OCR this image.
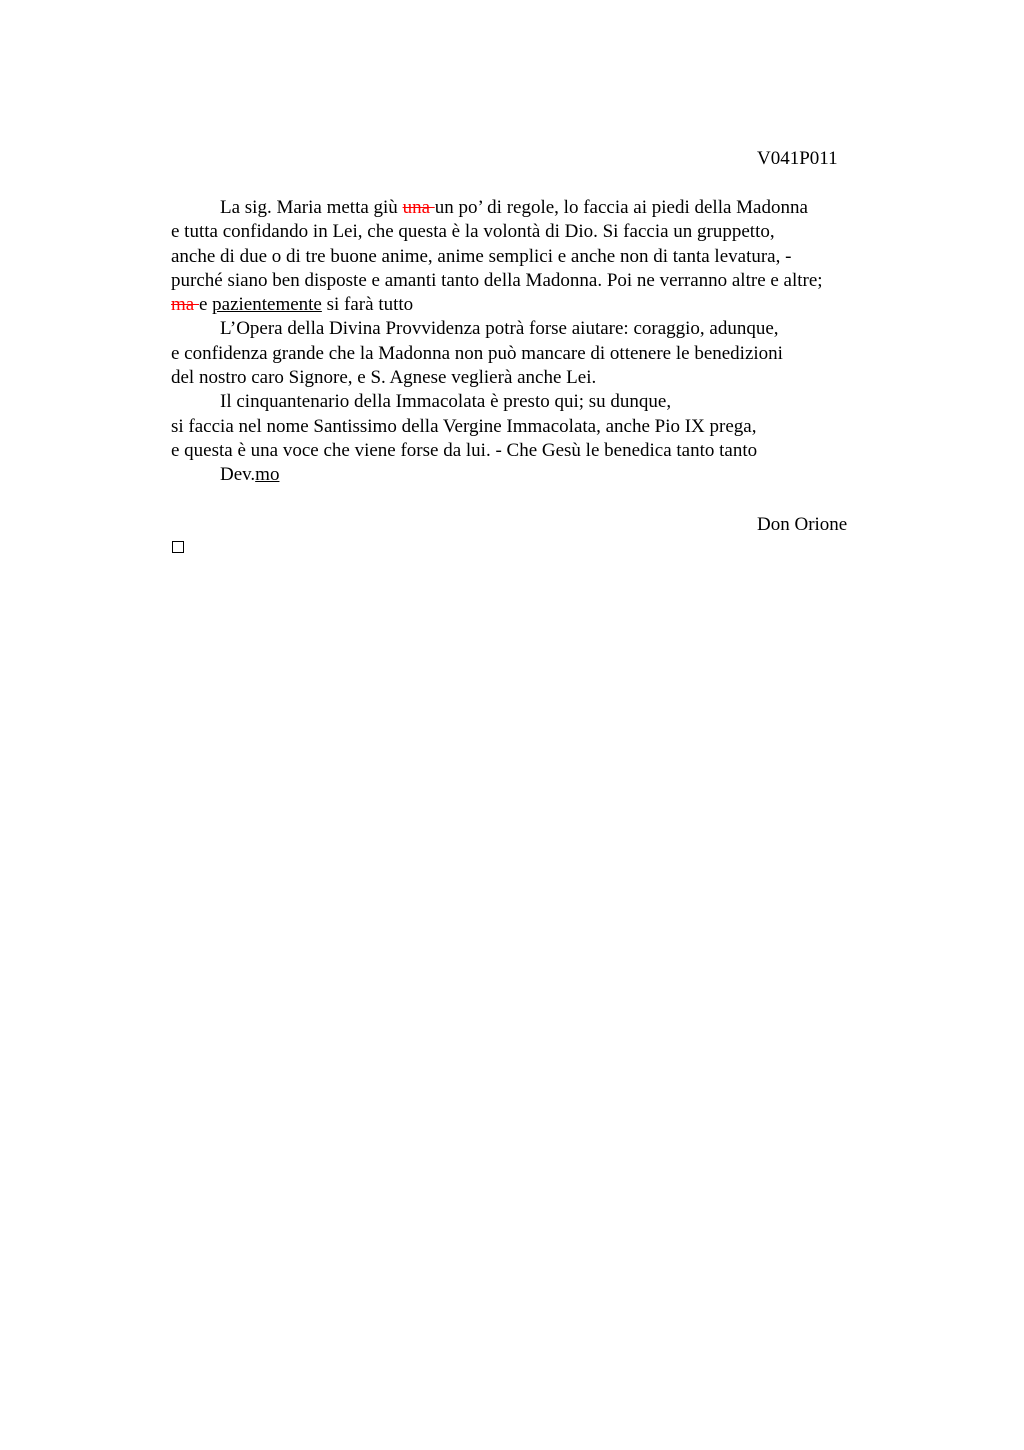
V041P011
La sig. Maria metta giù una un po’ di regole, lo faccia ai piedi della Madonna
e tutta confidando in Lei, che questa è la volontà di Dio. Si faccia un gruppetto,
anche di due o di tre buone anime, anime semplici e anche non di tanta levatura, -
purché siano ben disposte e amanti tanto della Madonna. Poi ne verranno altre e altre;
ma e pazientemente si farà tutto
L’Opera della Divina Provvidenza potrà forse aiutare: coraggio, adunque,
e confidenza grande che la Madonna non può mancare di ottenere le benedizioni
del nostro caro Signore, e S. Agnese veglierà anche Lei.
Il cinquantenario della Immacolata è presto qui; su dunque,
si faccia nel nome Santissimo della Vergine Immacolata, anche Pio IX prega,
e questa è una voce che viene forse da lui. - Che Gesù le benedica tanto tanto
Dev.mo
Don Orione
